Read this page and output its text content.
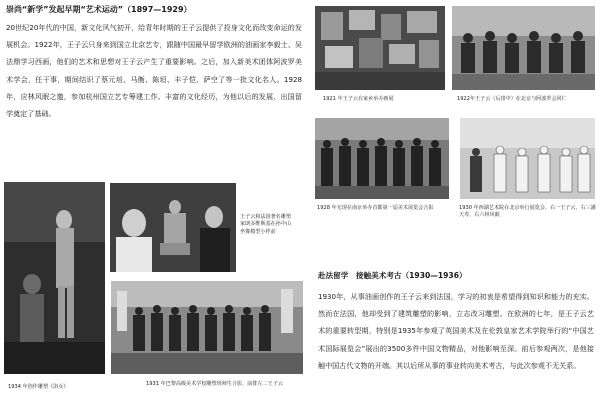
崇尚“新学”发起早期“艺术运动”（1897—1929）
20世纪20年代的中国，新文化风气初开，给青年时期的王子云提供了投身文化而改变命运的发展机会。1922年，王子云只身来到国立北京艺专，跟随中国最早留学欧洲的油画家李毅士、吴法鼎学习西画，他们的艺术和思想对王子云产生了重要影响。之后，加入新美术团体阿波罗美术学会，任干事，期间结识了蔡元培、马衡、陈垣、丰子恺、萨空了等一批文化名人。1928年，应林风眠之邀，参加杭州国立艺专筹建工作。丰富的文化经历，为他以后的发展、出国留学奠定了基础。
1921 年王子云在家乡举办画展	1922年王子云（后排中）在北京与阿波罗会同仁
1928 年无现在南京举办首都第一届美术展览会合影	1930 年西湖艺术院在北京举行展览会。右一王子云、右三潘天寿、右六林风眠
1934 年创作雕塑《浴女》
王子云和法国著名雕塑家朗多维斯基在孙中山坐像模型小样前
1931 年巴黎高级美术学校雕塑班师生合影，前排左二王子云
赴法留学　接触美术考古（1930—1936）
1930年，从事油画创作的王子云来到法国，学习的初衷是希望得到知识和能力的充实。然而在法国，他却受到了建筑雕塑的影响，立志改习雕塑。在欧洲的七年，是王子云艺术的重要转型期，特别是1935年参观了英国美术及在伦敦皇家艺术学院举行的“中国艺术国际展览会”展出的3500多件中国文物精品，对他影响至深。前后参观两次，是他接触中国古代文物的开端。其以后所从事的事业转向美术考古，与此次参观不无关系。
